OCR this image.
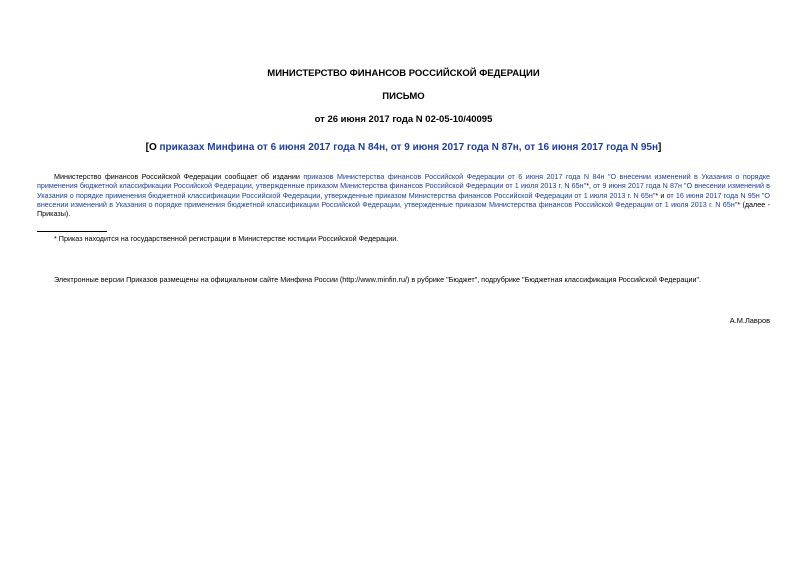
МИНИСТЕРСТВО ФИНАНСОВ РОССИЙСКОЙ ФЕДЕРАЦИИ
ПИСЬМО
от 26 июня 2017 года N 02-05-10/40095
[О приказах Минфина от 6 июня 2017 года N 84н, от 9 июня 2017 года N 87н, от 16 июня 2017 года N 95н]
Министерство финансов Российской Федерации сообщает об издании приказов Министерства финансов Российской Федерации от 6 июня 2017 года N 84н "О внесении изменений в Указания о порядке применения бюджетной классификации Российской Федерации, утвержденные приказом Министерства финансов Российской Федерации от 1 июля 2013 г. N 65н"*, от 9 июня 2017 года N 87н "О внесении изменений в Указания о порядке применения бюджетной классификации Российской Федерации, утвержденные приказом Министерства финансов Российской Федерации от 1 июля 2013 г. N 65н"* и от 16 июня 2017 года N 95н "О внесении изменений в Указания о порядке применения бюджетной классификации Российской Федерации, утвержденные приказом Министерства финансов Российской Федерации от 1 июля 2013 г. N 65н"* (далее - Приказы).
* Приказ находится на государственной регистрации в Министерстве юстиции Российской Федерации.
Электронные версии Приказов размещены на официальном сайте Минфина России (http://www.minfin.ru/) в рубрике "Бюджет", подрубрике "Бюджетная классификация Российской Федерации".
А.М.Лавров
